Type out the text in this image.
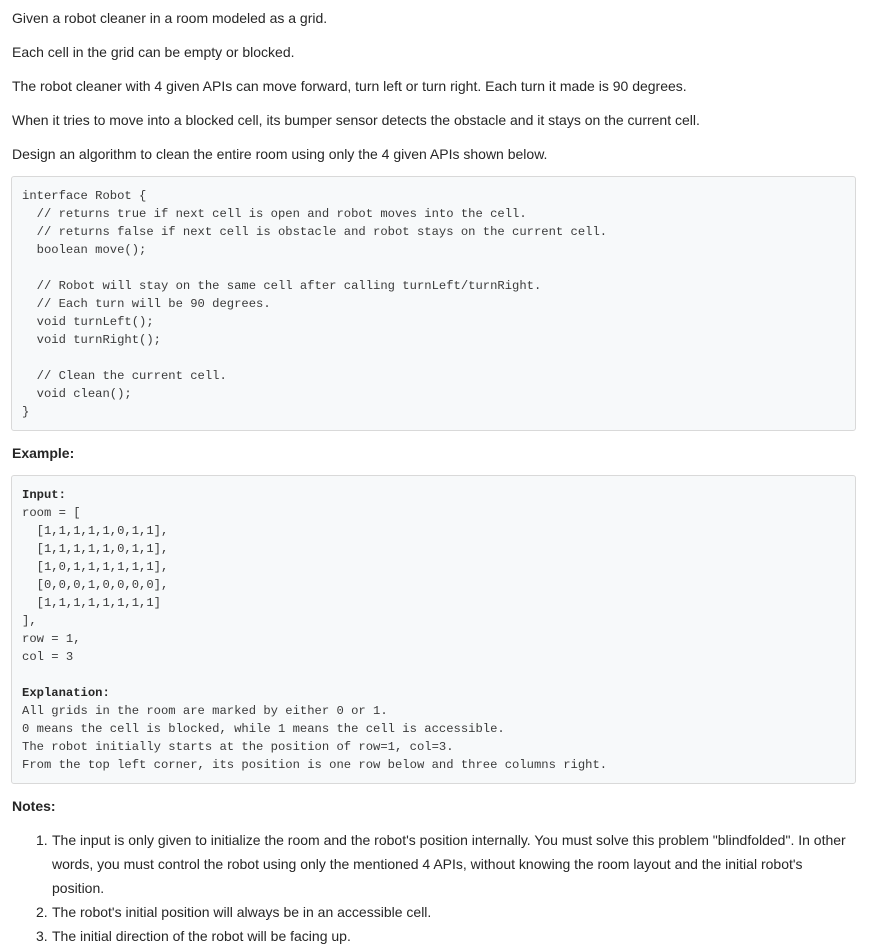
Given a robot cleaner in a room modeled as a grid.
Each cell in the grid can be empty or blocked.
The robot cleaner with 4 given APIs can move forward, turn left or turn right. Each turn it made is 90 degrees.
When it tries to move into a blocked cell, its bumper sensor detects the obstacle and it stays on the current cell.
Design an algorithm to clean the entire room using only the 4 given APIs shown below.
interface Robot {
// returns true if next cell is open and robot moves into the cell.
// returns false if next cell is obstacle and robot stays on the current cell.
boolean move();
// Robot will stay on the same cell after calling turnLeft/turnRight.
// Each turn will be 90 degrees.
void turnLeft();
void turnRight();
// Clean the current cell.
void clean();
}
Example:
Input:
room = [
[1,1,1,1,1,0,1,1],
[1,1,1,1,1,0,1,1],
[1,0,1,1,1,1,1,1],
[0,0,0,1,0,0,0,0],
[1,1,1,1,1,1,1,1]
],
row = 1,
col = 3
Explanation:
All grids in the room are marked by either 0 or 1.
0 means the cell is blocked, while 1 means the cell is accessible.
The robot initially starts at the position of row=1, col=3.
From the top left corner, its position is one row below and three columns right.
Notes:
1. The input is only given to initialize the room and the robot's position internally. You must solve this problem "blindfolded". In other
words, you must control the robot using only the mentioned 4 APIs, without knowing the room layout and the initial robot's
position.
2. The robot's initial position will always be in an accessible cell.
3. The initial direction of the robot will be facing up.
